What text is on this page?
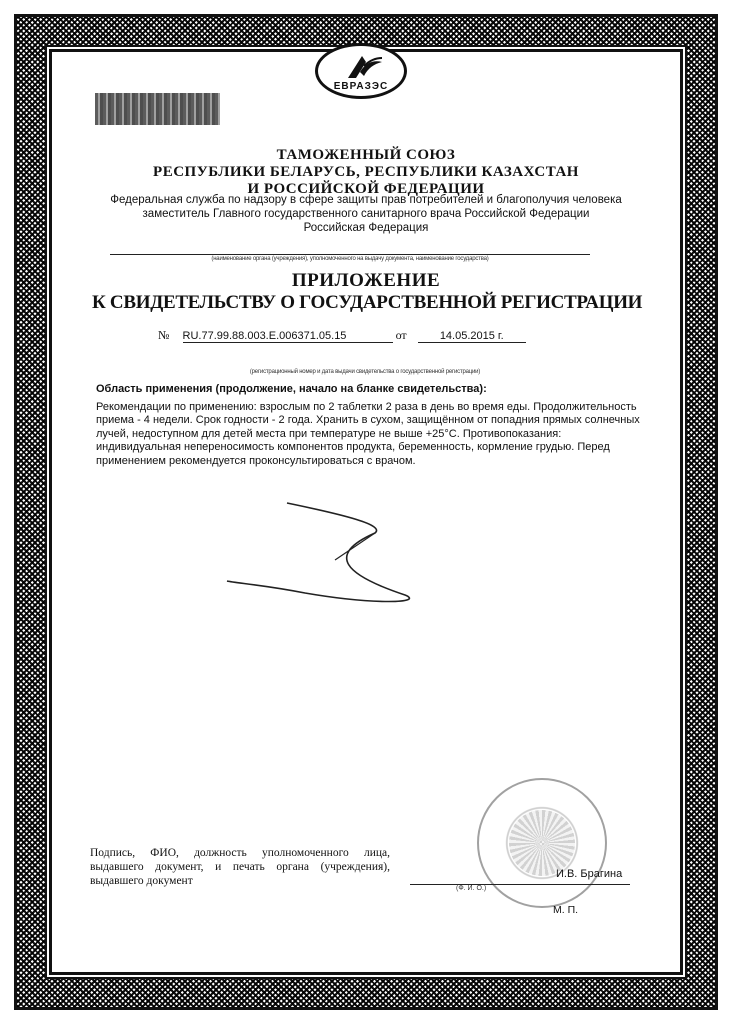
ЕВРАЗЭС
ТАМОЖЕННЫЙ СОЮЗ
РЕСПУБЛИКИ БЕЛАРУСЬ, РЕСПУБЛИКИ КАЗАХСТАН
И РОССИЙСКОЙ ФЕДЕРАЦИИ
Федеральная служба по надзору в сфере защиты прав потребителей и благополучия человека
заместитель Главного государственного санитарного врача Российской Федерации
Российская Федерация
(наименование органа (учреждения), уполномоченного на выдачу документа, наименование государства)
ПРИЛОЖЕНИЕ
К СВИДЕТЕЛЬСТВУ О ГОСУДАРСТВЕННОЙ РЕГИСТРАЦИИ
№ RU.77.99.88.003.Е.006371.05.15	от	14.05.2015 г.
(регистрационный номер и дата выдачи свидетельства о государственной регистрации)
Область применения (продолжение, начало на бланке свидетельства):
Рекомендации по применению: взрослым по 2 таблетки 2 раза в день во время еды. Продолжительность приема - 4 недели. Срок годности - 2 года. Хранить в сухом, защищённом от попадния прямых солнечных лучей, недоступном для детей места при температуре не выше +25°С. Противопоказания: индивидуальная непереносимость компонентов продукта, беременность, кормление грудью. Перед применением рекомендуется проконсультироваться с врачом.
Подпись, ФИО, должность уполномоченного лица, выдавшего документ, и печать органа (учреждения), выдавшего документ
(Ф. И. О.)
И.В. Брагина
М. П.
